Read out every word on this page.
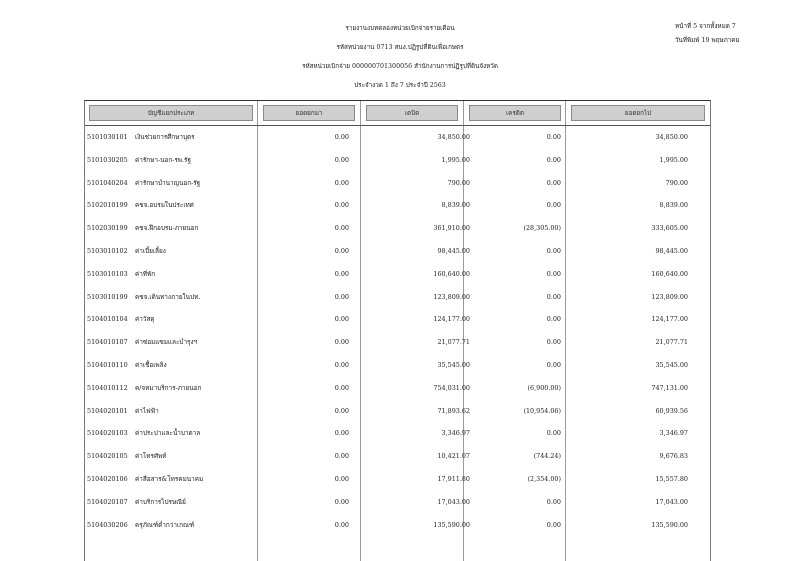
รายงานงบทดลองหน่วยเบิกจ่ายรายเดือน
รหัสหน่วยงาน 0713 สนง.ปฏิรูปที่ดินเพื่อเกษตร
รหัสหน่วยเบิกจ่าย 000000701300056 สำนักงานการปฏิรูปที่ดินจังหวัด
ประจำงวด 1 ถึง 7 ประจำปี 2563
หน้าที่ 5 จากทั้งหมด 7
วันที่พิมพ์ 19 พฤษภาคม
บัญชีแยกประเภท	ยอดยกมา	เดบิต	เครดิต	ยอดยกไป
5101030101	เงินช่วยการศึกษาบุตร	0.00	34,850.00	0.00	34,850.00
5101030205	ค่ารักษา-นอก-รพ.รัฐ	0.00	1,995.00	0.00	1,995.00
5101040204	ค่ารักษาบำนาญนอก-รัฐ	0.00	790.00	0.00	790.00
5102010199	คชจ.อบรมในประเทศ	0.00	8,839.00	0.00	8,839.00
5102030199	คชจ.ฝึกอบรม-ภายนอก	0.00	361,910.00	(28,305.00)	333,605.00
5103010102	ค่าเบี้ยเลี้ยง	0.00	98,445.00	0.00	98,445.00
5103010103	ค่าที่พัก	0.00	160,640.00	0.00	160,640.00
5103010199	คชจ.เดินทางภายในปท.	0.00	123,809.00	0.00	123,809.00
5104010104	ค่าวัสดุ	0.00	124,177.00	0.00	124,177.00
5104010107	ค่าซ่อมแซมและบำรุงฯ	0.00	21,077.71	0.00	21,077.71
5104010110	ค่าเชื้อเพลิง	0.00	35,545.00	0.00	35,545.00
5104010112	ค/จหมาบริการ-ภายนอก	0.00	754,031.00	(6,900.00)	747,131.00
5104020101	ค่าไฟฟ้า	0.00	71,893.62	(10,954.06)	60,939.56
5104020103	ค่าประปาและน้ำบาดาล	0.00	3,346.97	0.00	3,346.97
5104020105	ค่าโทรศัพท์	0.00	10,421.07	(744.24)	9,676.83
5104020106	ค่าสื่อสาร&โทรคมนาคม	0.00	17,911.80	(2,354.00)	15,557.80
5104020107	ค่าบริการไปรษณีย์	0.00	17,043.00	0.00	17,043.00
5104030206	ครุภัณฑ์ต่ำกว่าเกณฑ์	0.00	135,590.00	0.00	135,590.00
